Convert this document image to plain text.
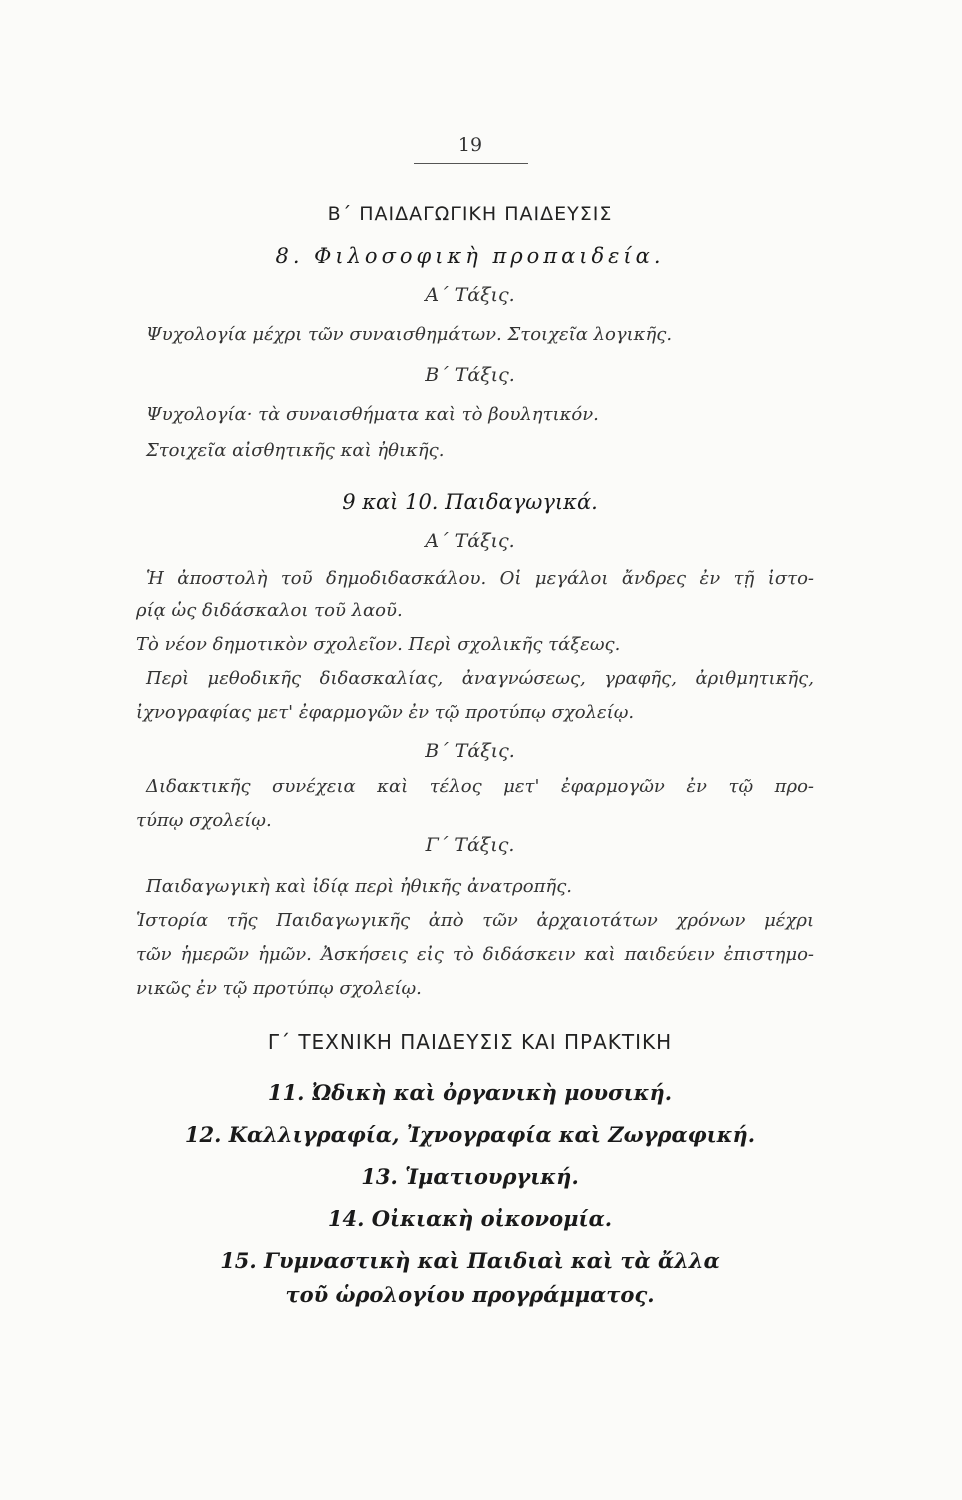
19
Β΄ ΠΑΙΔΑΓΩΓΙΚΗ ΠΑΙΔΕΥΣΙΣ
8. Φιλοσοφικὴ προπαιδεία.
Α΄ Τάξις.
Ψυχολογία μέχρι τῶν συναισθημάτων. Στοιχεῖα λογικῆς.
Β΄ Τάξις.
Ψυχολογία· τὰ συναισθήματα καὶ τὸ βουλητικόν.
Στοιχεῖα αἰσθητικῆς καὶ ἠθικῆς.
9 καὶ 10. Παιδαγωγικά.
Α΄ Τάξις.
Ἡ ἀποστολὴ τοῦ δημοδιδασκάλου. Οἱ μεγάλοι ἄνδρες ἐν τῇ ἱστο-
ρίᾳ ὡς διδάσκαλοι τοῦ λαοῦ.
Τὸ νέον δημοτικὸν σχολεῖον. Περὶ σχολικῆς τάξεως.
Περὶ μεθοδικῆς διδασκαλίας, ἀναγνώσεως, γραφῆς, ἀριθμητικῆς,
ἰχνογραφίας μετ' ἐφαρμογῶν ἐν τῷ προτύπῳ σχολείῳ.
Β΄ Τάξις.
Διδακτικῆς συνέχεια καὶ τέλος μετ' ἐφαρμογῶν ἐν τῷ προ-
τύπῳ σχολείῳ.
Γ΄ Τάξις.
Παιδαγωγικὴ καὶ ἰδίᾳ περὶ ἠθικῆς ἀνατροπῆς.
Ἱστορία τῆς Παιδαγωγικῆς ἀπὸ τῶν ἀρχαιοτάτων χρόνων μέχρι
τῶν ἡμερῶν ἡμῶν. Ἀσκήσεις εἰς τὸ διδάσκειν καὶ παιδεύειν ἐπιστημο-
νικῶς ἐν τῷ προτύπῳ σχολείῳ.
Γ΄ ΤΕΧΝΙΚΗ ΠΑΙΔΕΥΣΙΣ ΚΑΙ ΠΡΑΚΤΙΚΗ
11. Ὠδικὴ καὶ ὀργανικὴ μουσική.
12. Καλλιγραφία, Ἰχνογραφία καὶ Ζωγραφική.
13. Ἱματιουργική.
14. Οἰκιακὴ οἰκονομία.
15. Γυμναστικὴ καὶ Παιδιαὶ καὶ τὰ ἄλλα
τοῦ ὡρολογίου προγράμματος.
